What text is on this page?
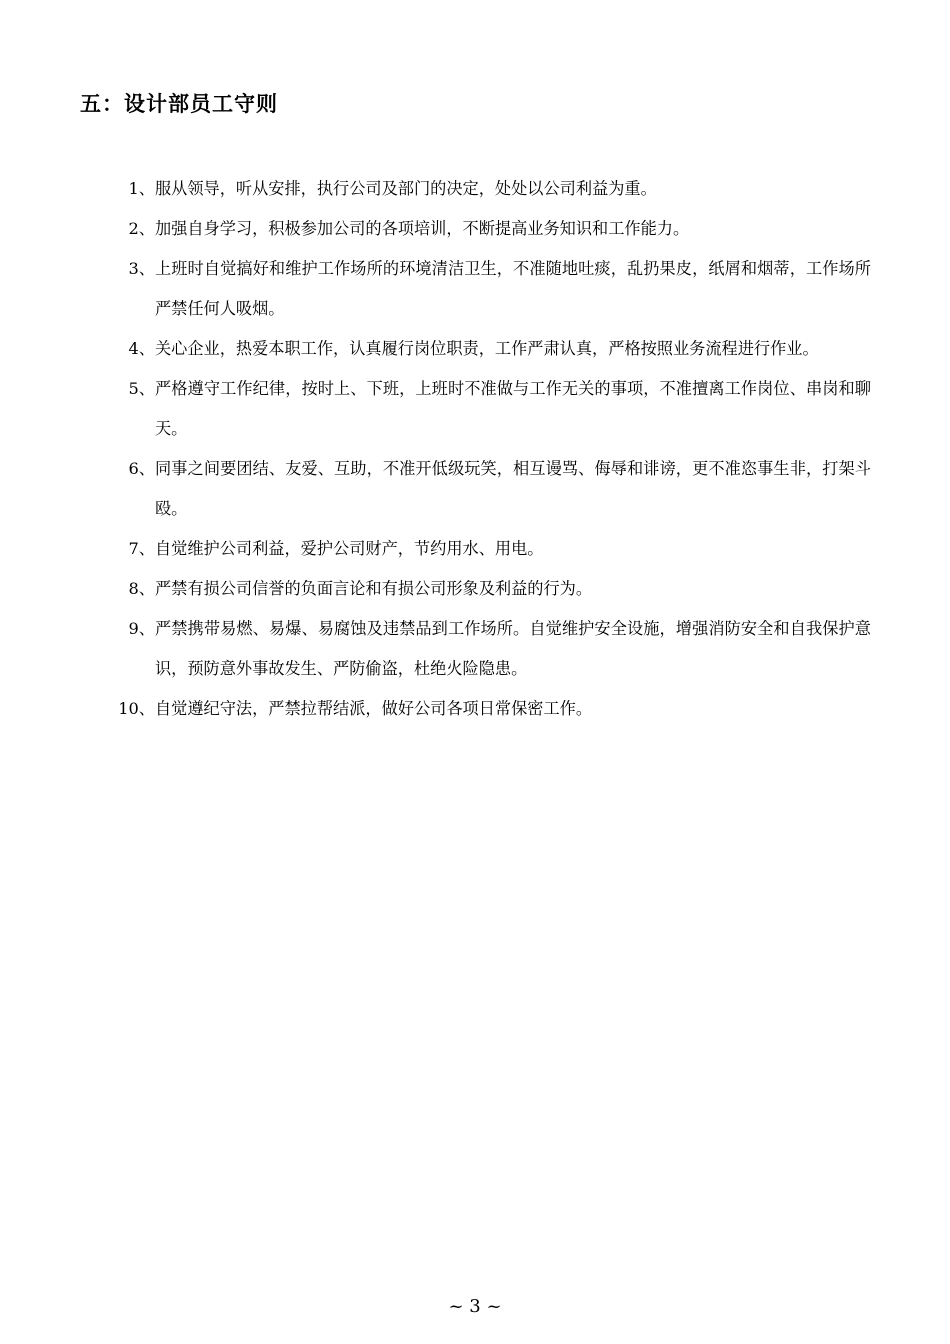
五：设计部员工守则
1、 服从领导，听从安排，执行公司及部门的决定，处处以公司利益为重。
2、 加强自身学习，积极参加公司的各项培训，不断提高业务知识和工作能力。
3、 上班时自觉搞好和维护工作场所的环境清洁卫生，不准随地吐痰，乱扔果皮，纸屑和烟蒂，工作场所严禁任何人吸烟。
4、 关心企业，热爱本职工作，认真履行岗位职责，工作严肃认真，严格按照业务流程进行作业。
5、 严格遵守工作纪律，按时上、下班，上班时不准做与工作无关的事项，不准擅离工作岗位、串岗和聊天。
6、 同事之间要团结、友爱、互助，不准开低级玩笑，相互谩骂、侮辱和诽谤，更不准恣事生非，打架斗殴。
7、 自觉维护公司利益，爱护公司财产，节约用水、用电。
8、 严禁有损公司信誉的负面言论和有损公司形象及利益的行为。
9、 严禁携带易燃、易爆、易腐蚀及违禁品到工作场所。自觉维护安全设施，增强消防安全和自我保护意识，预防意外事故发生、严防偷盗，杜绝火险隐患。
10、 自觉遵纪守法，严禁拉帮结派，做好公司各项日常保密工作。
~ 3 ~
